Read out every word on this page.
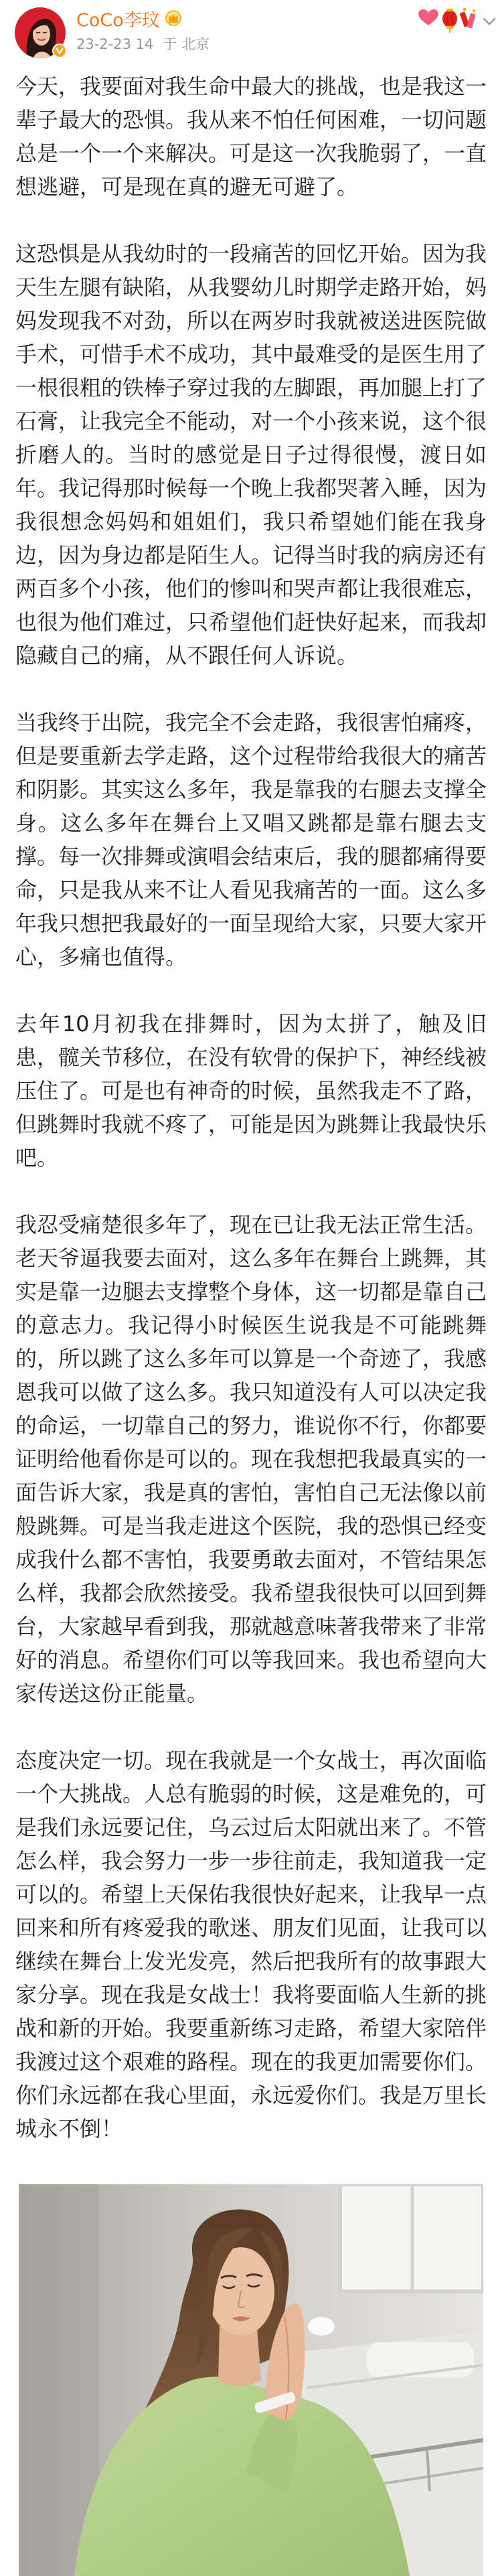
CoCo李玟
23-2-23 14 于 北京

今天，我要面对我生命中最大的挑战，也是我这一辈子最大的恐惧。我从来不怕任何困难，一切问题总是一个一个来解决。可是这一次我脆弱了，一直想逃避，可是现在真的避无可避了。

这恐惧是从我幼时的一段痛苦的回忆开始。因为我天生左腿有缺陷，从我婴幼儿时期学走路开始，妈妈发现我不对劲，所以在两岁时我就被送进医院做手术，可惜手术不成功，其中最难受的是医生用了一根很粗的铁棒子穿过我的左脚跟，再加腿上打了石膏，让我完全不能动，对一个小孩来说，这个很折磨人的。当时的感觉是日子过得很慢，渡日如年。我记得那时候每一个晚上我都哭著入睡，因为我很想念妈妈和姐姐们，我只希望她们能在我身边，因为身边都是陌生人。记得当时我的病房还有两百多个小孩，他们的惨叫和哭声都让我很难忘，也很为他们难过，只希望他们赶快好起来，而我却隐藏自己的痛，从不跟任何人诉说。

当我终于出院，我完全不会走路，我很害怕痛疼，但是要重新去学走路，这个过程带给我很大的痛苦和阴影。其实这么多年，我是靠我的右腿去支撑全身。这么多年在舞台上又唱又跳都是靠右腿去支撑。每一次排舞或演唱会结束后，我的腿都痛得要命，只是我从来不让人看见我痛苦的一面。这么多年我只想把我最好的一面呈现给大家，只要大家开心，多痛也值得。

去年10月初我在排舞时，因为太拼了，触及旧患，髋关节移位，在没有软骨的保护下，神经线被压住了。可是也有神奇的时候，虽然我走不了路，但跳舞时我就不疼了，可能是因为跳舞让我最快乐吧。

我忍受痛楚很多年了，现在已让我无法正常生活。老天爷逼我要去面对，这么多年在舞台上跳舞，其实是靠一边腿去支撑整个身体，这一切都是靠自己的意志力。我记得小时候医生说我是不可能跳舞的，所以跳了这么多年可以算是一个奇迹了，我感恩我可以做了这么多。我只知道没有人可以决定我的命运，一切靠自己的努力，谁说你不行，你都要证明给他看你是可以的。现在我想把我最真实的一面告诉大家，我是真的害怕，害怕自己无法像以前般跳舞。可是当我走进这个医院，我的恐惧已经变成我什么都不害怕，我要勇敢去面对，不管结果怎么样，我都会欣然接受。我希望我很快可以回到舞台，大家越早看到我，那就越意味著我带来了非常好的消息。希望你们可以等我回来。我也希望向大家传送这份正能量。

态度决定一切。现在我就是一个女战士，再次面临一个大挑战。人总有脆弱的时候，这是难免的，可是我们永远要记住，乌云过后太阳就出来了。不管怎么样，我会努力一步一步往前走，我知道我一定可以的。希望上天保佑我很快好起来，让我早一点回来和所有疼爱我的歌迷、朋友们见面，让我可以继续在舞台上发光发亮，然后把我所有的故事跟大家分享。现在我是女战士！我将要面临人生新的挑战和新的开始。我要重新练习走路，希望大家陪伴我渡过这个艰难的路程。现在的我更加需要你们。你们永远都在我心里面，永远爱你们。我是万里长城永不倒！
